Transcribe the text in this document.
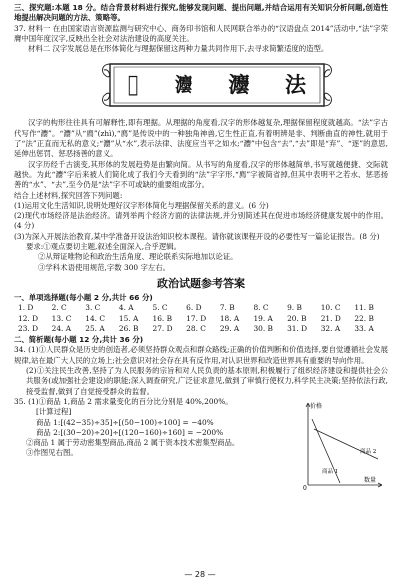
三、探究题:本题 18 分。结合背景材料进行探究,能够发现问题、提出问题,并结合运用有关知识分析问题,创造性地提出解决问题的方法、策略等。

37. 材料一 在由国家语言资源监测与研究中心、商务印书馆和人民网联合举办的“汉语盘点 2014”活动中,“法”字荣膺中国年度汉字,反映出全社会对法治建设的高度关注。

材料二 汉字发展总是在形体简化与理据保留这两种力量共同作用下,去寻求简繁适度的造型。

𤅬 灋 灋 法

汉字的构形往往具有可解释性,即有理据。从理据的角度看,汉字的形体越复杂,理据保留程度就越高。“法”字古代写作“灋”。“灋”从“廌”(zhì),“廌”是传说中的一种独角神兽,它生性正直,有着明辨是非、判断曲直的神性,就用于了“法”正直而无私的意义;“灋”从“水”,表示法律、法度应当平之如水;“灋”中包含“去”,“去”即是“弃”、“逐”的意思,延伸出惩罚、惩恶扬善的意义。

汉字历经千古演变,其形体的发展趋势是由繁向简。从书写的角度看,汉字的形体越简单,书写就越便捷、交际就越快。为此“灋”字后来被人们简化成了我们今天看到的“法”字字形,“廌”字被简省掉,但其中表明平之若水、惩恶扬善的“水”、“去”,至今仍是“法”字不可或缺的重要组成部分。

结合上述材料,探究回答下列问题:

(1)运用文化生活知识,说明处理好汉字形体简化与理据保留关系的意义。(6 分)

(2)现代市场经济是法治经济。请列举两个经济方面的法律法规,并分别简述其在促进市场经济健康发展中的作用。(4 分)

(3)为深入开展法治教育,某中学准备开设法治知识校本课程。请你就该课程开设的必要性写一篇论证报告。(8 分)

要求:①观点要切主题,叙述全面深入,合乎逻辑。

②从辩证唯物论和政治生活角度、理论联系实际地加以论证。

③学科术语使用规范,字数 300 字左右。

政治试题参考答案

一、单项选择题(每小题 2 分,共计 66 分)

1. D	2. C	3. C	4. A	5. C	6. D	7. B	8. C	9. B	10. C	11. B
12. D	13. C	14. C	15. A	16. B	17. D	18. A	19. A	20. B	21. D	22. B
23. D	24. A	25. A	26. B	27. D	28. C	29. A	30. B	31. D	32. A	33. A

二、简析题(每小题 12 分,共计 36 分)

34. (1)①人民群众是历史的创造者,必须坚持群众观点和群众路线;正确的价值判断和价值选择,要自觉遵循社会发展规律,站在最广大人民的立场上;社会意识对社会存在具有反作用,对认识世界和改造世界具有重要的导向作用。

(2)①关注民生改善,坚持了为人民服务的宗旨和对人民负责的基本原则,积极履行了组织经济建设和提供社会公共服务(或加强社会建设)的职能;深入调查研究,广泛征求意见,做到了审慎行使权力,科学民主决策;坚持依法行政,接受监督,做到了自觉接受群众的监督。

35. (1)①商品 1,商品 2 需求量变化的百分比分别是 40%,200%。

[计算过程]

商品 1:[(42−35)÷35]÷[(50−100)÷100] = −40%

商品 2:[(30−20)÷20]÷[(120−160)÷160] = −200%

②商品 1 属于劳动密集型商品,商品 2 属于资本技术密集型商品。

③作图见右图。

价格
数量
0
商品 1
商品 2
— 28 —
